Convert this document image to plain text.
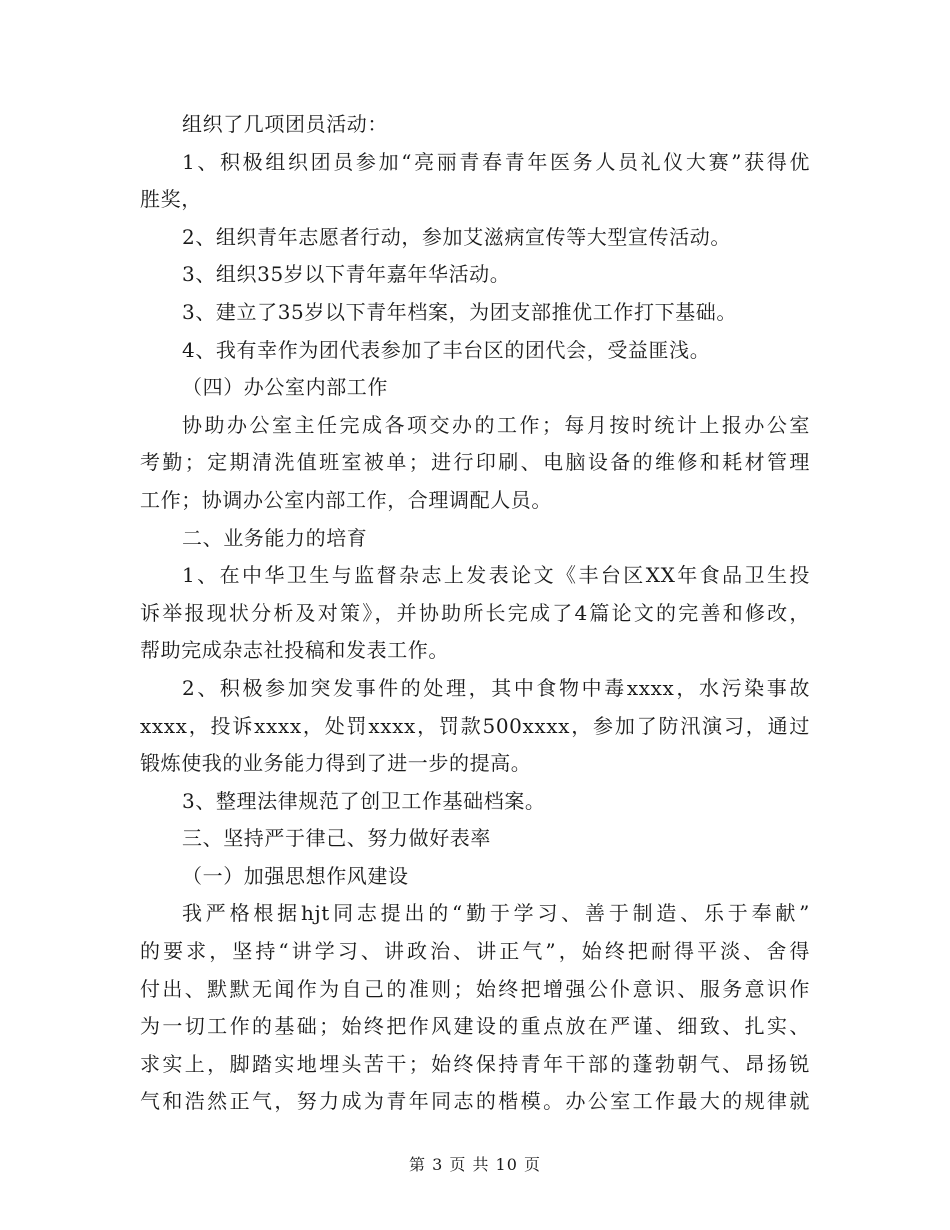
组织了几项团员活动：
1、积极组织团员参加“亮丽青春青年医务人员礼仪大赛”获得优
胜奖，
2、组织青年志愿者行动，参加艾滋病宣传等大型宣传活动。
3、组织35岁以下青年嘉年华活动。
3、建立了35岁以下青年档案，为团支部推优工作打下基础。
4、我有幸作为团代表参加了丰台区的团代会，受益匪浅。
（四）办公室内部工作
协助办公室主任完成各项交办的工作；每月按时统计上报办公室
考勤；定期清洗值班室被单；进行印刷、电脑设备的维修和耗材管理
工作；协调办公室内部工作，合理调配人员。
二、业务能力的培育
1、在中华卫生与监督杂志上发表论文《丰台区XX年食品卫生投
诉举报现状分析及对策》，并协助所长完成了4篇论文的完善和修改，
帮助完成杂志社投稿和发表工作。
2、积极参加突发事件的处理，其中食物中毒xxxx，水污染事故
xxxx，投诉xxxx，处罚xxxx，罚款500xxxx，参加了防汛演习，通过
锻炼使我的业务能力得到了进一步的提高。
3、整理法律规范了创卫工作基础档案。
三、坚持严于律己、努力做好表率
（一）加强思想作风建设
我严格根据hjt同志提出的“勤于学习、善于制造、乐于奉献”
的要求，坚持“讲学习、讲政治、讲正气”，始终把耐得平淡、舍得
付出、默默无闻作为自己的准则；始终把增强公仆意识、服务意识作
为一切工作的基础；始终把作风建设的重点放在严谨、细致、扎实、
求实上，脚踏实地埋头苦干；始终保持青年干部的蓬勃朝气、昂扬锐
气和浩然正气，努力成为青年同志的楷模。办公室工作最大的规律就
第 3 页 共 10 页
